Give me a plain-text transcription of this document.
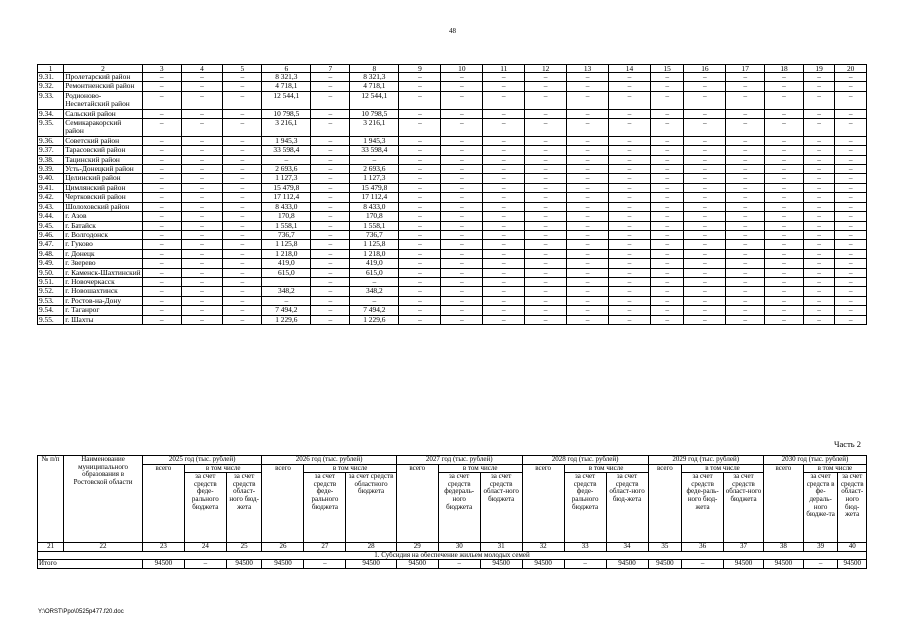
48
1	2	3	4	5	6	7	8	9	10	11	12	13	14	15	16	17	18	19	20
9.31.	Пролетарский район	–	–	–	8 321,3	–	8 321,3	–	–	–	–	–	–	–	–	–	–	–	–
9.32.	Ремонтненский район	–	–	–	4 718,1	–	4 718,1	–	–	–	–	–	–	–	–	–	–	–	–
9.33.	Родионово-Несветайский район	–	–	–	12 544,1	–	12 544,1	–	–	–	–	–	–	–	–	–	–	–	–
9.34.	Сальский район	–	–	–	10 798,5	–	10 798,5	–	–	–	–	–	–	–	–	–	–	–	–
9.35.	Семикаракорский район	–	–	–	3 216,1	–	3 216,1	–	–	–	–	–	–	–	–	–	–	–	–
9.36.	Советский район	–	–	–	1 945,3	–	1 945,3	–	–	–	–	–	–	–	–	–	–	–	–
9.37.	Тарасовский район	–	–	–	33 598,4	–	33 598,4	–	–	–	–	–	–	–	–	–	–	–	–
9.38.	Тацинский район	–	–	–	–	–	–	–	–	–	–	–	–	–	–	–	–	–	–
9.39.	Усть-Донецкий район	–	–	–	2 693,6	–	2 693,6	–	–	–	–	–	–	–	–	–	–	–	–
9.40.	Целинский район	–	–	–	1 127,3	–	1 127,3	–	–	–	–	–	–	–	–	–	–	–	–
9.41.	Цимлянский район	–	–	–	15 479,8	–	15 479,8	–	–	–	–	–	–	–	–	–	–	–	–
9.42.	Чертковский район	–	–	–	17 112,4	–	17 112,4	–	–	–	–	–	–	–	–	–	–	–	–
9.43.	Шолоховский район	–	–	–	8 433,0	–	8 433,0	–	–	–	–	–	–	–	–	–	–	–	–
9.44.	г. Азов	–	–	–	170,8	–	170,8	–	–	–	–	–	–	–	–	–	–	–	–
9.45.	г. Батайск	–	–	–	1 558,1	–	1 558,1	–	–	–	–	–	–	–	–	–	–	–	–
9.46.	г. Волгодонск	–	–	–	736,7	–	736,7	–	–	–	–	–	–	–	–	–	–	–	–
9.47.	г. Гуково	–	–	–	1 125,8	–	1 125,8	–	–	–	–	–	–	–	–	–	–	–	–
9.48.	г. Донецк	–	–	–	1 218,0	–	1 218,0	–	–	–	–	–	–	–	–	–	–	–	–
9.49.	г. Зверево	–	–	–	419,0	–	419,0	–	–	–	–	–	–	–	–	–	–	–	–
9.50.	г. Каменск-Шахтинский	–	–	–	615,0	–	615,0	–	–	–	–	–	–	–	–	–	–	–	–
9.51.	г. Новочеркасск	–	–	–		–	–	–	–	–	–	–	–	–	–	–	–	–	–
9.52.	г. Новошахтинск	–	–	–	348,2	–	348,2	–	–	–	–	–	–	–	–	–	–	–	–
9.53.	г. Ростов-на-Дону	–	–	–	–	–	–	–	–	–	–	–	–	–	–	–	–	–	–
9.54.	г. Таганрог	–	–	–	7 494,2	–	7 494,2	–	–	–	–	–	–	–	–	–	–	–	–
9.55.	г. Шахты	–	–	–	1 229,6	–	1 229,6	–	–	–	–	–	–	–	–	–	–	–	–
Часть 2
№ п/п	Наименование муниципального образования в Ростовской области	2025 год (тыс. рублей)			2026 год (тыс. рублей)			2027 год (тыс. рублей)			2028 год (тыс. рублей)			2029 год (тыс. рублей)			2030 год (тыс. рублей)		
		всего	в том числе		всего	в том числе		всего	в том числе		всего	в том числе		всего	в том числе		всего	в том числе	
			за счет средств феде-рального бюджета	за счет средств област-ного бюд-жета		за счет средств феде-рального бюджета	за счет средств областного бюджета		за счет средств федераль-ного бюджета	за счет средств област-ного бюджета		за счет средств феде-рального бюджета	за счет средств област-ного бюд-жета		за счет средств феде-раль-ного бюд-жета	за счет средств област-ного бюджета		за счет средств в фе-дераль-ного бюдже-та	за счет средств област-ного бюд-жета
21	22	23	24	25	26	27	28	29	30	31	32	33	34	35	36	37	38	39	40
1. Субсидия на обеспечение жильем молодых семей																			
Итого		94500	–	94500	94500	–	94500	94500	–	94500	94500	–	94500	94500	–	94500	94500	–	94500
Y:\ORST\Ppo\0525p477.f20.doc
